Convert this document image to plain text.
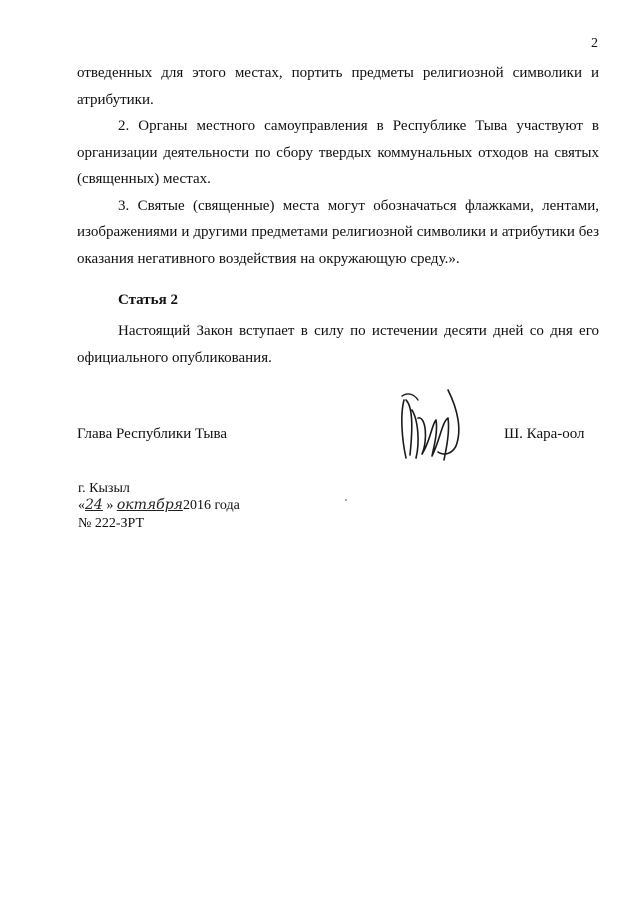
2

отведенных для этого местах, портить предметы религиозной символики и атрибутики.

2. Органы местного самоуправления в Республике Тыва участвуют в организации деятельности по сбору твердых коммунальных отходов на святых (священных) местах.

3. Святые (священные) места могут обозначаться флажками, лентами, изображениями и другими предметами религиозной символики и атрибутики без оказания негативного воздействия на окружающую среду.».

Статья 2

Настоящий Закон вступает в силу по истечении десяти дней со дня его официального опубликования.

Глава Республики Тыва	Ш. Кара-оол
г. Кызыл
«24 » октября2016 года
№ 222-ЗРТ
